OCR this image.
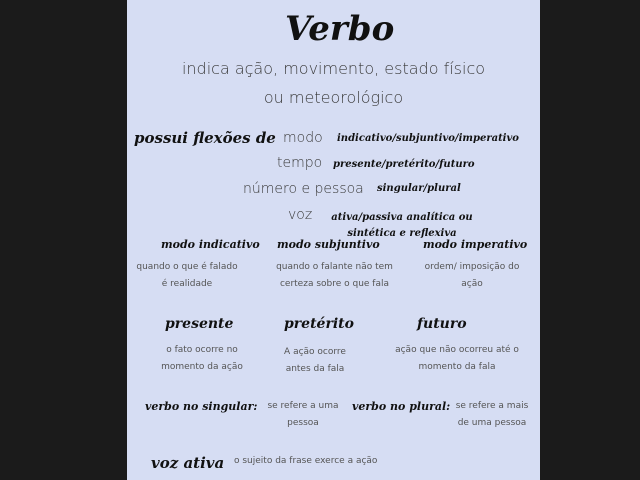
Verbo
indica ação, movimento, estado físico
ou meteorológico
possui flexões de modo indicativo/subjuntivo/imperativo
tempo presente/pretérito/futuro
número e pessoa singular/plural
voz	ativa/passiva analítica ou sintética e reflexiva
modo indicativo
quando o que é falado
é realidade
modo subjuntivo
quando o falante não tem
certeza sobre o que fala
modo imperativo
ordem/ imposição do
ação
presente
o fato ocorre no
momento da ação
pretérito
A ação ocorre
antes da fala
futuro
ação que não ocorreu até o
momento da fala
verbo no singular:	se refere a uma
pessoa
verbo no plural: se refere a mais
de uma pessoa
voz ativa o sujeito da frase exerce a ação
